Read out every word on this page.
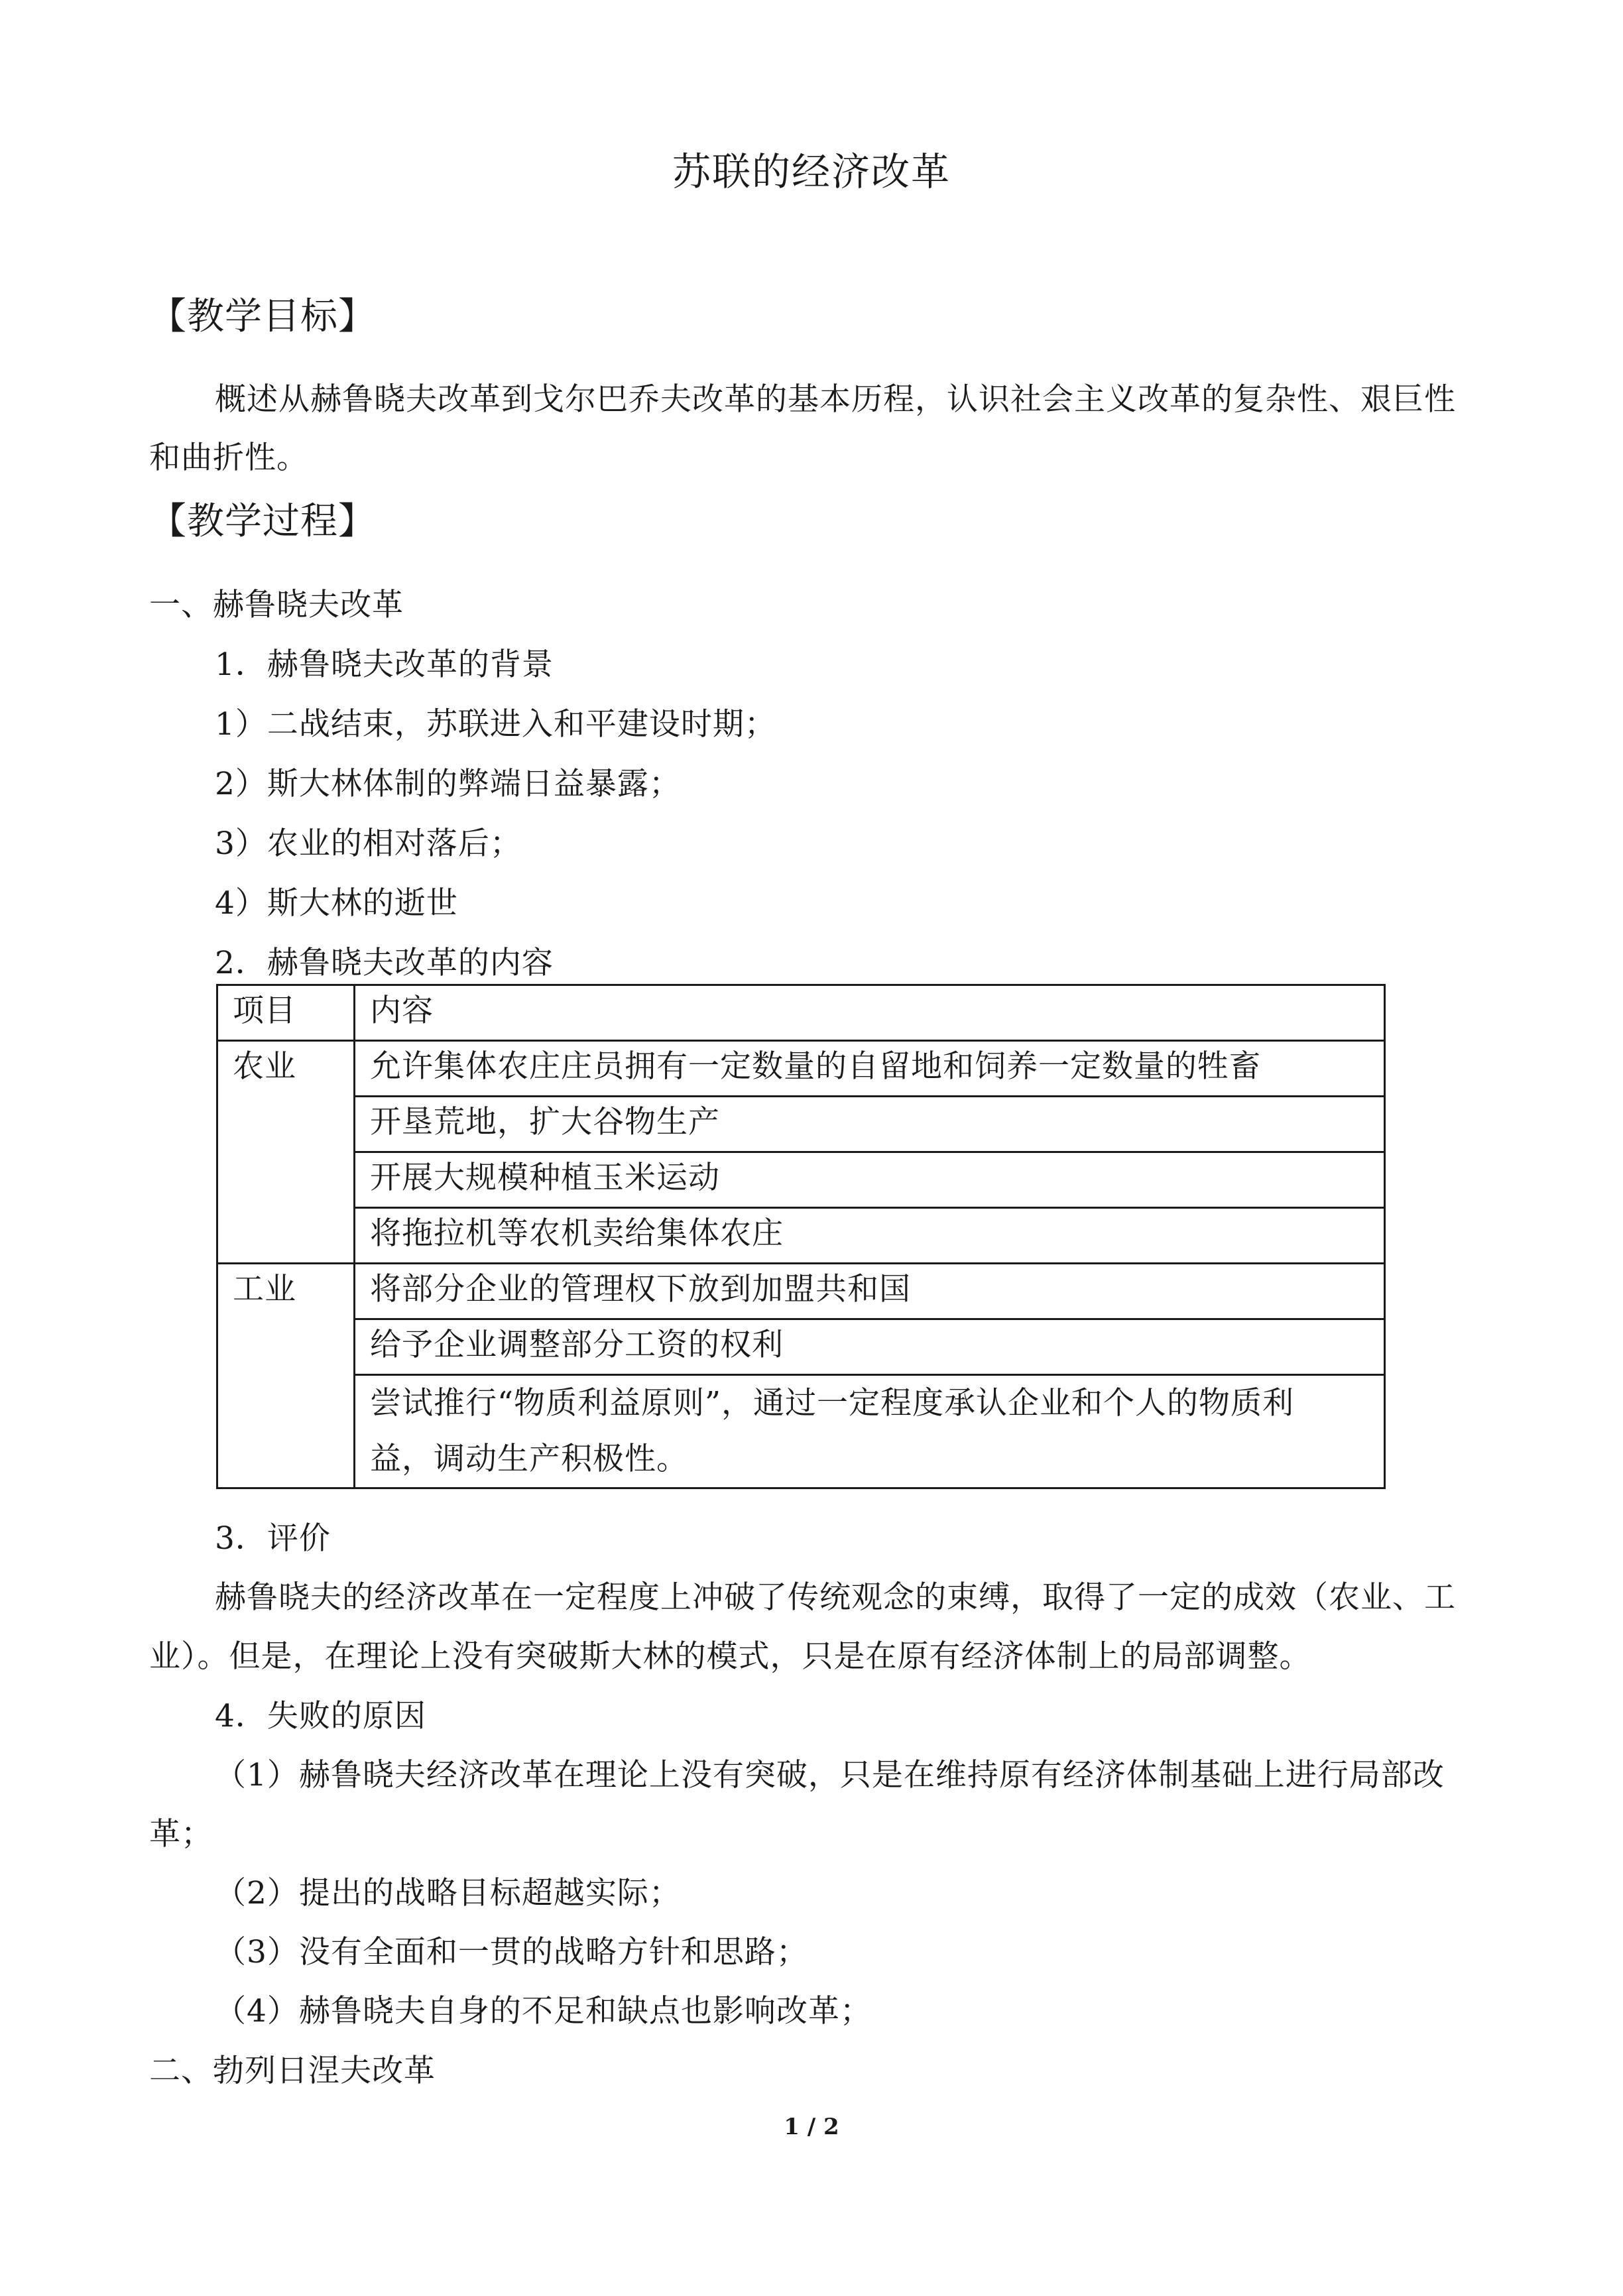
苏联的经济改革
【教学目标】
概述从赫鲁晓夫改革到戈尔巴乔夫改革的基本历程，认识社会主义改革的复杂性、艰巨性
和曲折性。
【教学过程】
一、赫鲁晓夫改革
1．赫鲁晓夫改革的背景
1）二战结束，苏联进入和平建设时期；
2）斯大林体制的弊端日益暴露；
3）农业的相对落后；
4）斯大林的逝世
2．赫鲁晓夫改革的内容
项目	内容
农业	允许集体农庄庄员拥有一定数量的自留地和饲养一定数量的牲畜
	开垦荒地，扩大谷物生产
	开展大规模种植玉米运动
	将拖拉机等农机卖给集体农庄
工业	将部分企业的管理权下放到加盟共和国
	给予企业调整部分工资的权利

	尝试推行“物质利益原则”，通过一定程度承认企业和个人的物质利
益，调动生产积极性。
3．评价
赫鲁晓夫的经济改革在一定程度上冲破了传统观念的束缚，取得了一定的成效（农业、工
业）。但是，在理论上没有突破斯大林的模式，只是在原有经济体制上的局部调整。
4．失败的原因
（1）赫鲁晓夫经济改革在理论上没有突破，只是在维持原有经济体制基础上进行局部改
革；
（2）提出的战略目标超越实际；
（3）没有全面和一贯的战略方针和思路；
（4）赫鲁晓夫自身的不足和缺点也影响改革；
二、勃列日涅夫改革
1 / 2
